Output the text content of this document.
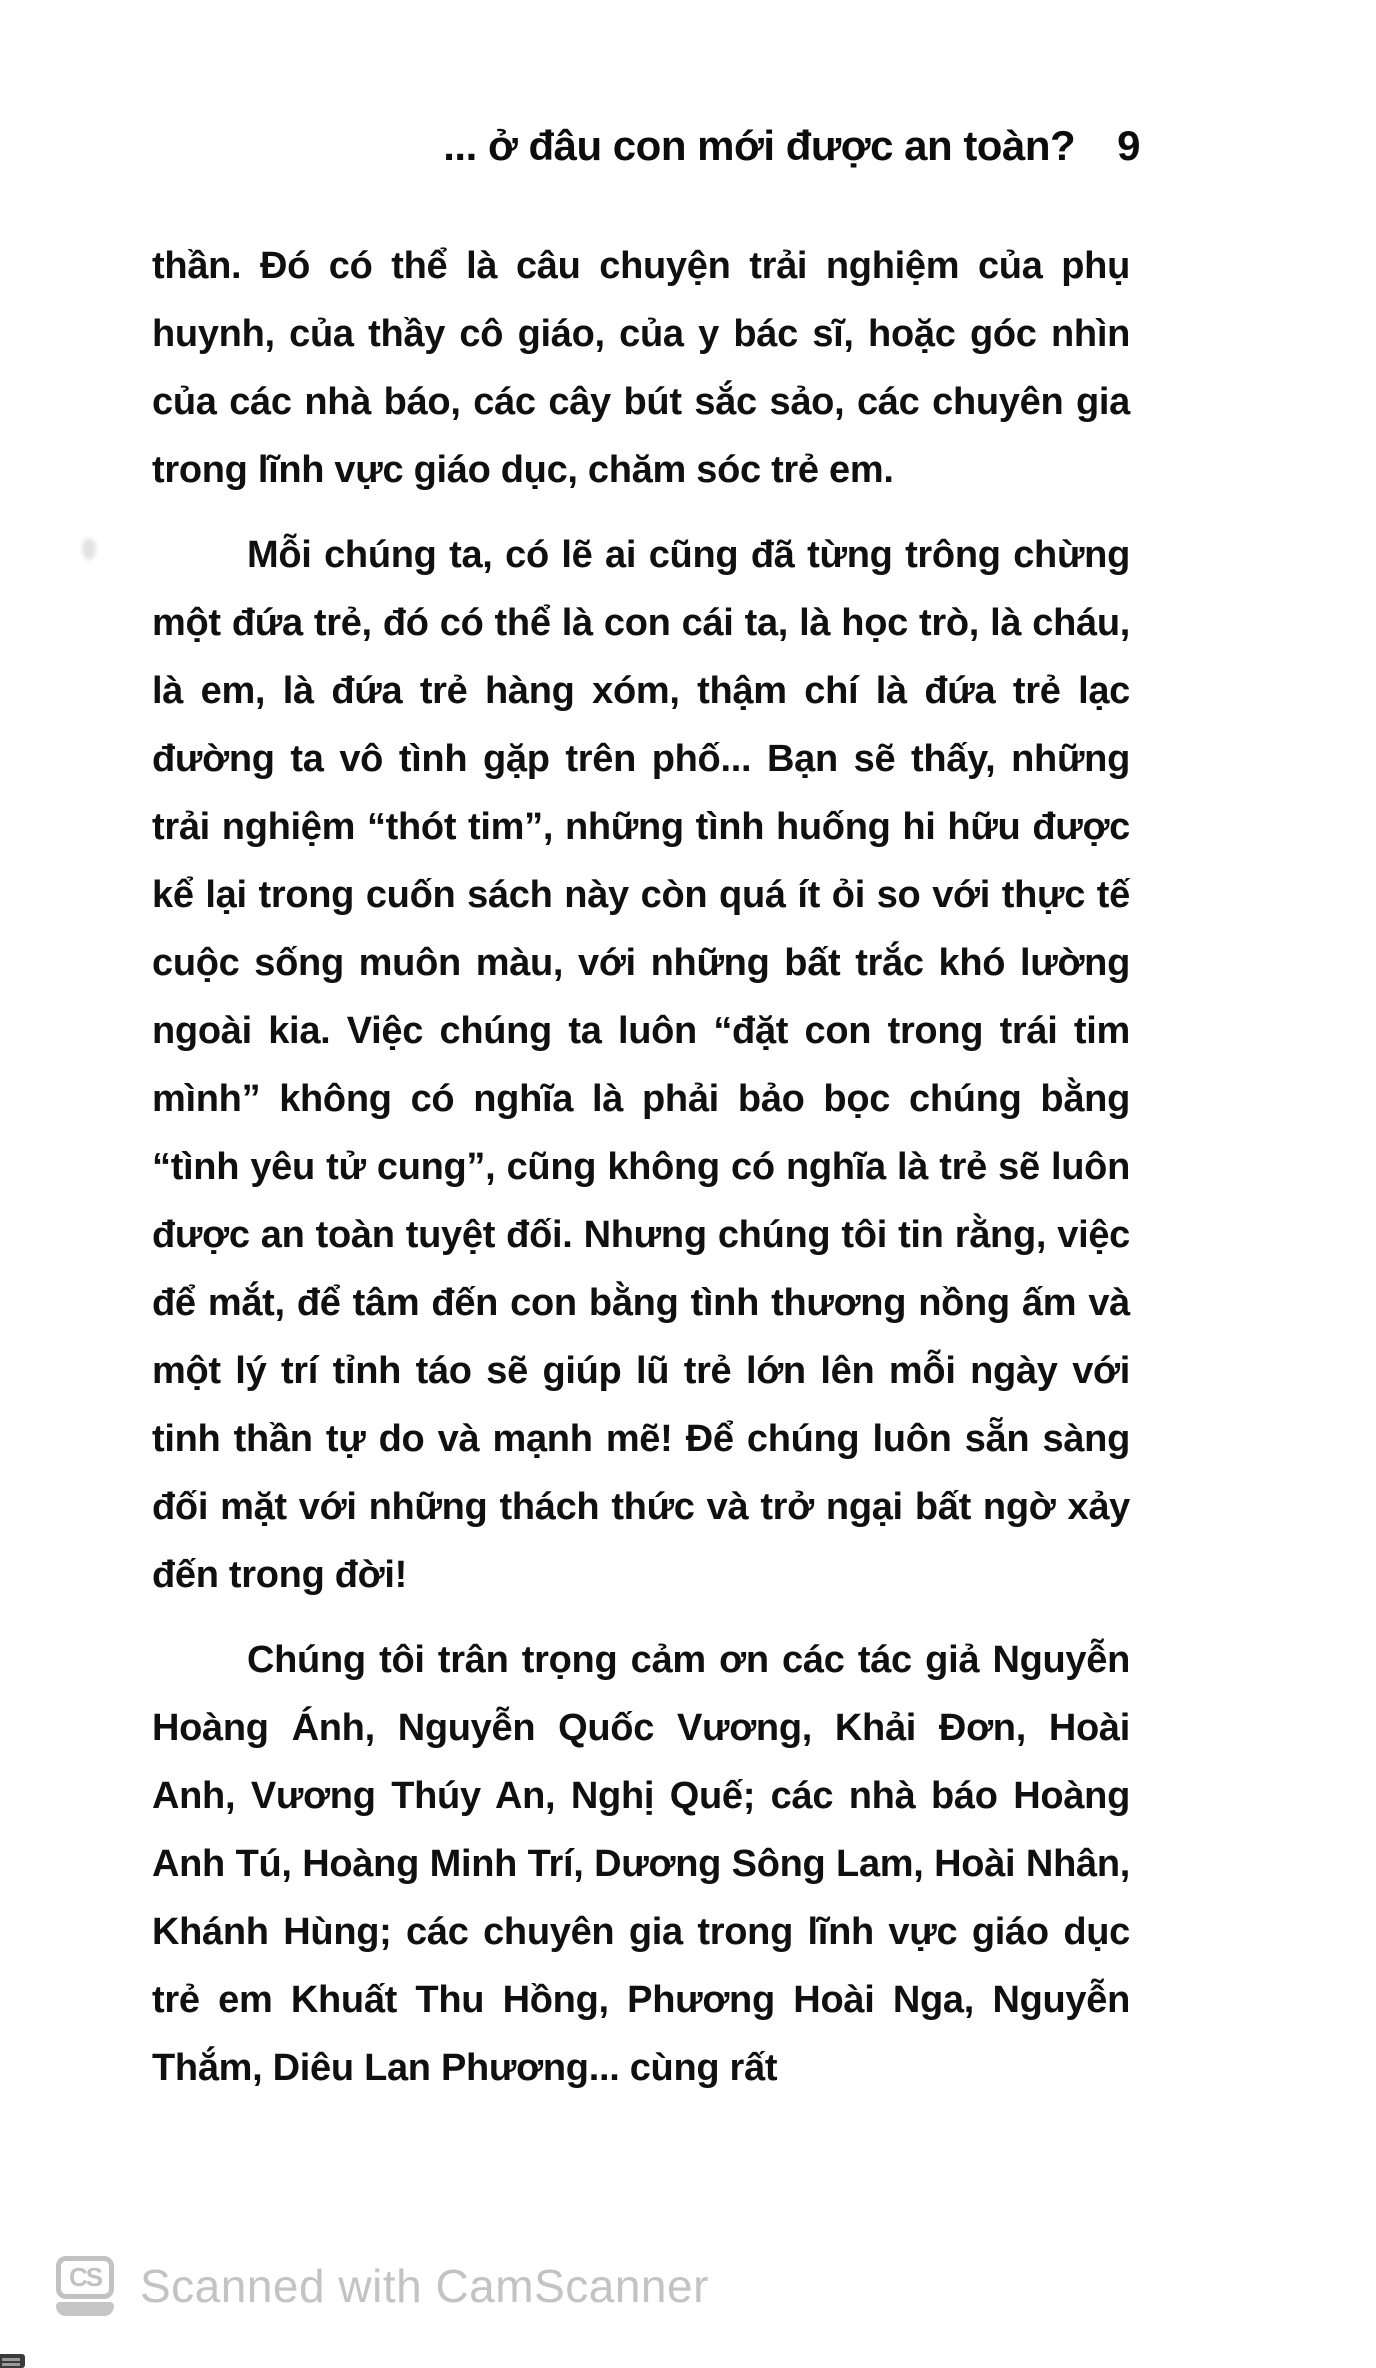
... ở đâu con mới được an toàn? 9

thần. Đó có thể là câu chuyện trải nghiệm của phụ huynh, của thầy cô giáo, của y bác sĩ, hoặc góc nhìn của các nhà báo, các cây bút sắc sảo, các chuyên gia trong lĩnh vực giáo dục, chăm sóc trẻ em.

Mỗi chúng ta, có lẽ ai cũng đã từng trông chừng một đứa trẻ, đó có thể là con cái ta, là học trò, là cháu, là em, là đứa trẻ hàng xóm, thậm chí là đứa trẻ lạc đường ta vô tình gặp trên phố... Bạn sẽ thấy, những trải nghiệm “thót tim”, những tình huống hi hữu được kể lại trong cuốn sách này còn quá ít ỏi so với thực tế cuộc sống muôn màu, với những bất trắc khó lường ngoài kia. Việc chúng ta luôn “đặt con trong trái tim mình” không có nghĩa là phải bảo bọc chúng bằng “tình yêu tử cung”, cũng không có nghĩa là trẻ sẽ luôn được an toàn tuyệt đối. Nhưng chúng tôi tin rằng, việc để mắt, để tâm đến con bằng tình thương nồng ấm và một lý trí tỉnh táo sẽ giúp lũ trẻ lớn lên mỗi ngày với tinh thần tự do và mạnh mẽ! Để chúng luôn sẵn sàng đối mặt với những thách thức và trở ngại bất ngờ xảy đến trong đời!

Chúng tôi trân trọng cảm ơn các tác giả Nguyễn Hoàng Ánh, Nguyễn Quốc Vương, Khải Đơn, Hoài Anh, Vương Thúy An, Nghị Quế; các nhà báo Hoàng Anh Tú, Hoàng Minh Trí, Dương Sông Lam, Hoài Nhân, Khánh Hùng; các chuyên gia trong lĩnh vực giáo dục trẻ em Khuất Thu Hồng, Phương Hoài Nga, Nguyễn Thắm, Diêu Lan Phương... cùng rất

CS Scanned with CamScanner
